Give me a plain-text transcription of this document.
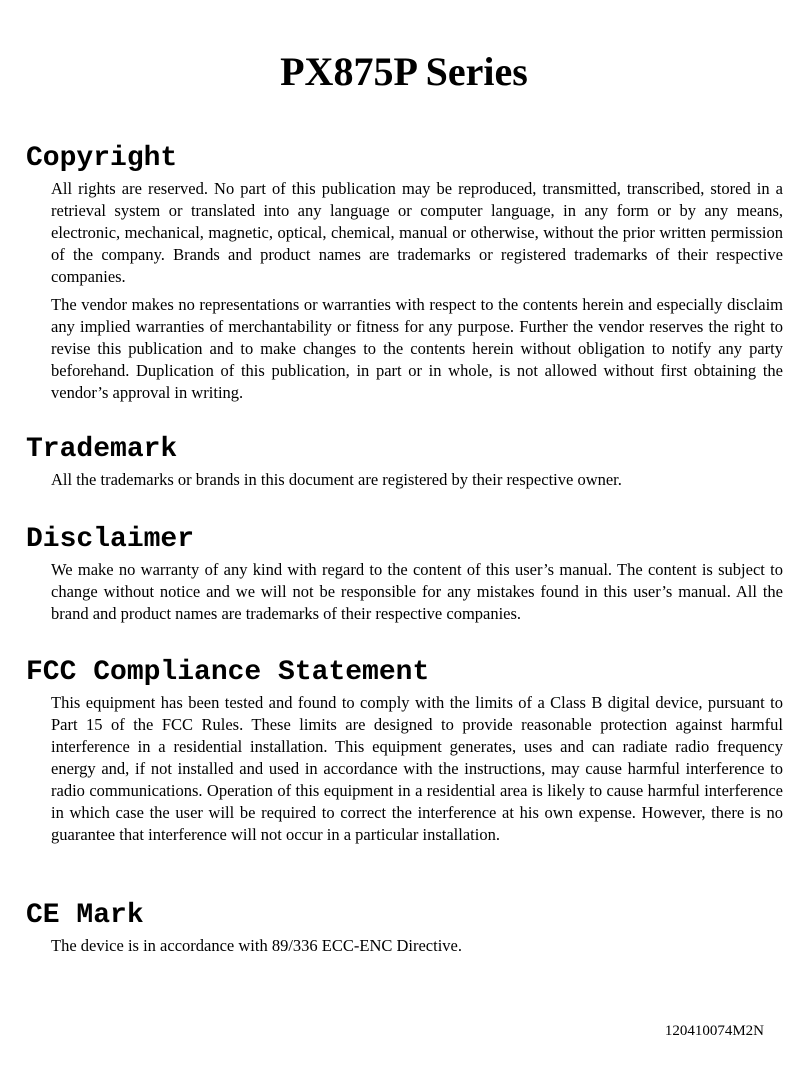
PX875P Series
Copyright

All rights are reserved. No part of this publication may be reproduced, transmitted, transcribed, stored in a retrieval system or translated into any language or computer language, in any form or by any means, electronic, mechanical, magnetic, optical, chemical, manual or otherwise, without the prior written permission of the company. Brands and product names are trademarks or registered trademarks of their respective companies.

The vendor makes no representations or warranties with respect to the contents herein and especially disclaim any implied warranties of merchantability or fitness for any purpose. Further the vendor reserves the right to revise this publication and to make changes to the contents herein without obligation to notify any party beforehand. Duplication of this publication, in part or in whole, is not allowed without first obtaining the vendor’s approval in writing.

Trademark

All the trademarks or brands in this document are registered by their respective owner.

Disclaimer

We make no warranty of any kind with regard to the content of this user’s manual. The content is subject to change without notice and we will not be responsible for any mistakes found in this user’s manual. All the brand and product names are trademarks of their respective companies.

FCC Compliance Statement

This equipment has been tested and found to comply with the limits of a Class B digital device, pursuant to Part 15 of the FCC Rules. These limits are designed to provide reasonable protection against harmful interference in a residential installation. This equipment generates, uses and can radiate radio frequency energy and, if not installed and used in accordance with the instructions, may cause harmful interference to radio communications. Operation of this equipment in a residential area is likely to cause harmful interference in which case the user will be required to correct the interference at his own expense. However, there is no guarantee that interference will not occur in a particular installation.

CE Mark

The device is in accordance with 89/336 ECC-ENC Directive.

120410074M2N
